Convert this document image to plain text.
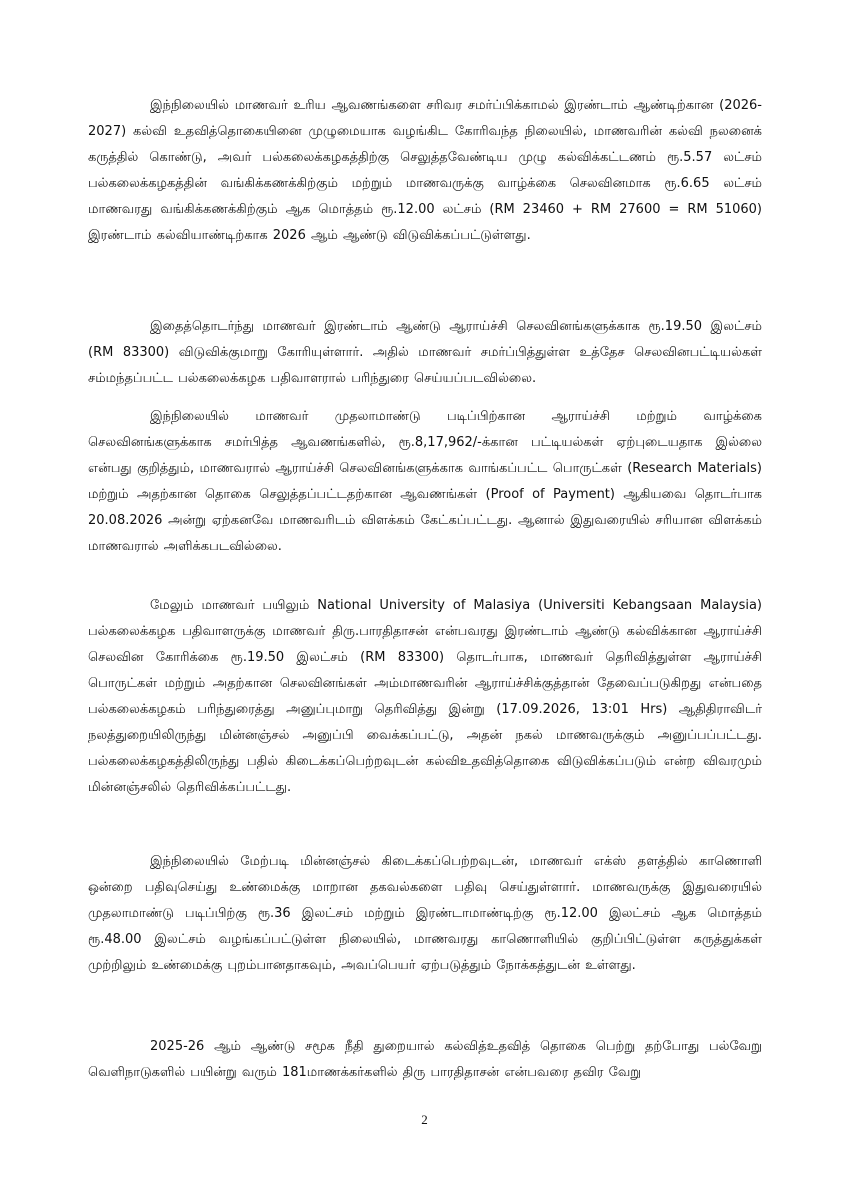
இந்நிலையில் மாணவர் உரிய ஆவணங்களை சரிவர சமர்ப்பிக்காமல் இரண்டாம் ஆண்டிற்கான (2026-2027) கல்வி உதவித்தொகையினை முழுமையாக வழங்கிட கோரிவந்த நிலையில், மாணவரின் கல்வி நலனைக் கருத்தில் கொண்டு, அவர் பல்கலைக்கழகத்திற்கு செலுத்தவேண்டிய முழு கல்விக்கட்டணம் ரூ.5.57 லட்சம் பல்கலைக்கழகத்தின் வங்கிக்கணக்கிற்கும் மற்றும் மாணவருக்கு வாழ்க்கை செலவினமாக ரூ.6.65 லட்சம் மாணவரது வங்கிக்கணக்கிற்கும் ஆக மொத்தம் ரூ.12.00 லட்சம் (RM 23460 + RM 27600 = RM 51060) இரண்டாம் கல்வியாண்டிற்காக 2026 ஆம் ஆண்டு விடுவிக்கப்பட்டுள்ளது.

இதைத்தொடர்ந்து மாணவர் இரண்டாம் ஆண்டு ஆராய்ச்சி செலவினங்களுக்காக ரூ.19.50 இலட்சம் (RM 83300) விடுவிக்குமாறு கோரியுள்ளார். அதில் மாணவர் சமர்ப்பித்துள்ள உத்தேச செலவினபட்டியல்கள் சம்மந்தப்பட்ட பல்கலைக்கழக பதிவாளரால் பரிந்துரை செய்யப்படவில்லை.

இந்நிலையில் மாணவர் முதலாமாண்டு படிப்பிற்கான ஆராய்ச்சி மற்றும் வாழ்க்கை செலவினங்களுக்காக சமர்பித்த ஆவணங்களில், ரூ.8,17,962/-க்கான பட்டியல்கள் ஏற்புடையதாக இல்லை என்பது குறித்தும், மாணவரால் ஆராய்ச்சி செலவினங்களுக்காக வாங்கப்பட்ட பொருட்கள் (Research Materials) மற்றும் அதற்கான தொகை செலுத்தப்பட்டதற்கான ஆவணங்கள் (Proof of Payment) ஆகியவை தொடர்பாக 20.08.2026 அன்று ஏற்கனவே மாணவரிடம் விளக்கம் கேட்கப்பட்டது. ஆனால் இதுவரையில் சரியான விளக்கம் மாணவரால் அளிக்கபடவில்லை.

மேலும் மாணவர் பயிலும் National University of Malasiya (Universiti Kebangsaan Malaysia) பல்கலைக்கழக பதிவாளருக்கு மாணவர் திரு.பாரதிதாசன் என்பவரது இரண்டாம் ஆண்டு கல்விக்கான ஆராய்ச்சி செலவின கோரிக்கை ரூ.19.50 இலட்சம் (RM 83300) தொடர்பாக, மாணவர் தெரிவித்துள்ள ஆராய்ச்சி பொருட்கள் மற்றும் அதற்கான செலவினங்கள் அம்மாணவரின் ஆராய்ச்சிக்குத்தான் தேவைப்படுகிறது என்பதை பல்கலைக்கழகம் பரிந்துரைத்து அனுப்புமாறு தெரிவித்து இன்று (17.09.2026, 13:01 Hrs) ஆதிதிராவிடர் நலத்துறையிலிருந்து மின்னஞ்சல் அனுப்பி வைக்கப்பட்டு, அதன் நகல் மாணவருக்கும் அனுப்பப்பட்டது. பல்கலைக்கழகத்திலிருந்து பதில் கிடைக்கப்பெற்றவுடன் கல்விஉதவித்தொகை விடுவிக்கப்படும் என்ற விவரமும் மின்னஞ்சலில் தெரிவிக்கப்பட்டது.

இந்நிலையில் மேற்படி மின்னஞ்சல் கிடைக்கப்பெற்றவுடன், மாணவர் எக்ஸ் தளத்தில் காணொளி ஒன்றை பதிவுசெய்து உண்மைக்கு மாறான தகவல்களை பதிவு செய்துள்ளார். மாணவருக்கு இதுவரையில் முதலாமாண்டு படிப்பிற்கு ரூ.36 இலட்சம் மற்றும் இரண்டாமாண்டிற்கு ரூ.12.00 இலட்சம் ஆக மொத்தம் ரூ.48.00 இலட்சம் வழங்கப்பட்டுள்ள நிலையில், மாணவரது காணொளியில் குறிப்பிட்டுள்ள கருத்துக்கள் முற்றிலும் உண்மைக்கு புறம்பானதாகவும், அவப்பெயர் ஏற்படுத்தும் நோக்கத்துடன் உள்ளது.

2025-26 ஆம் ஆண்டு சமூக நீதி துறையால் கல்வித்உதவித் தொகை பெற்று தற்போது பல்வேறு வெளிநாடுகளில் பயின்று வரும் 181மாணக்கர்களில் திரு பாரதிதாசன் என்பவரை தவிர வேறு

2
